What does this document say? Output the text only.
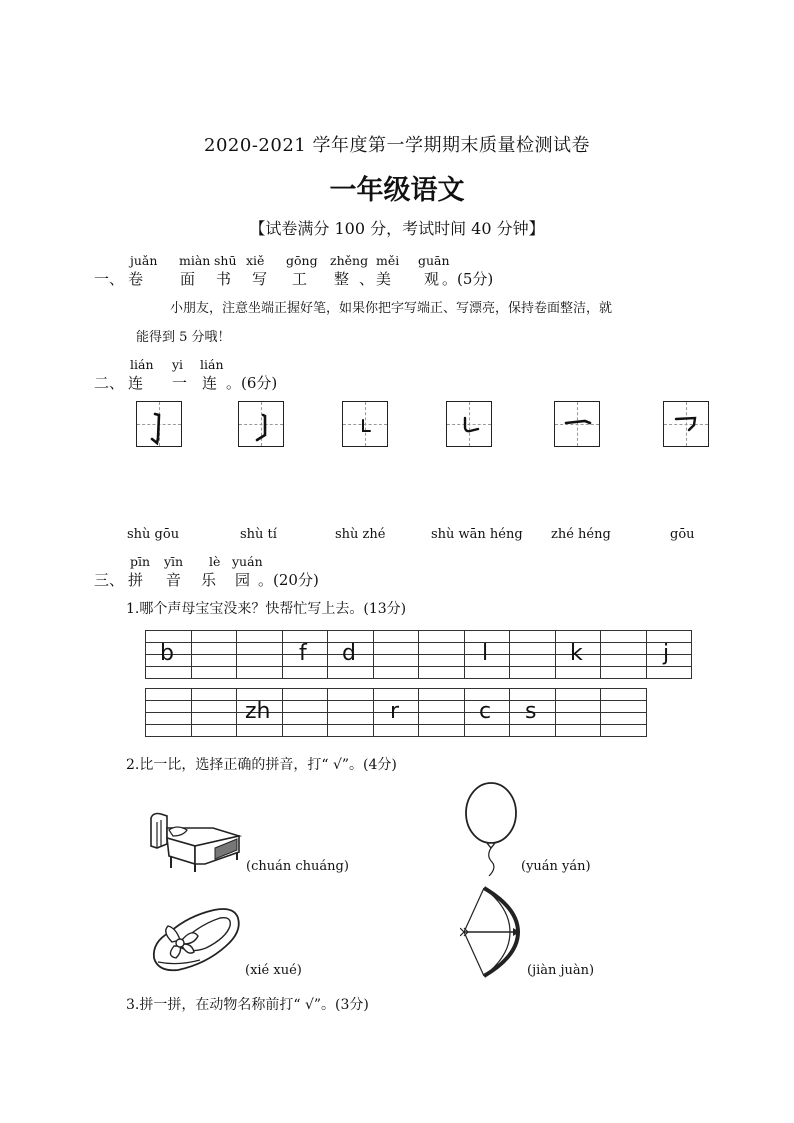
2020-2021 学年度第一学期期末质量检测试卷
一年级语文
【试卷满分 100 分，考试时间 40 分钟】
一、
juǎn miàn shū xiě gōng zhěng měi guān
卷 面 书 写 工 整 、 美 观 。(5分)
小朋友，注意坐端正握好笔，如果你把字写端正、写漂亮，保持卷面整洁，就
能得到 5 分哦！
二、
lián yi lián
连 一 连 。(6分)
shù gōu	shù tí	shù zhé	shù wān héng zhé héng	gōu
三、
pīn yīn lè yuán
拼 音 乐 园 。(20分)
1.哪个声母宝宝没来？快帮忙写上去。(13分)

b	f d	l	k	j

zh	r	c s
2.比一比，选择正确的拼音，打“ √”。(4分)
(chuán chuáng)	(yuán yán)
(xié xué)	(jiàn juàn)
3.拼一拼，在动物名称前打“ √”。(3分)
